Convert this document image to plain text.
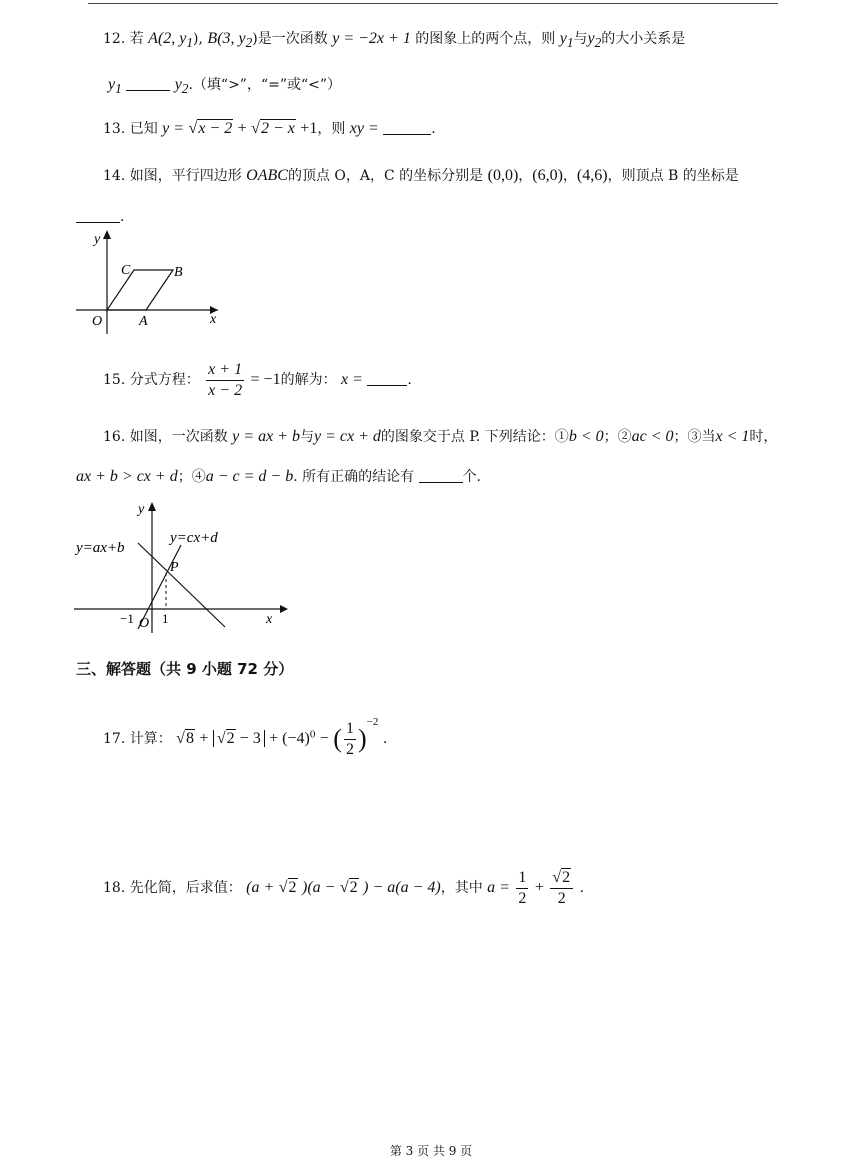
12. 若 A(2, $y_1$), B(3, $y_2$)是一次函数 y = −2x + 1 的图象上的两个点，则 $y_1$与$y_2$的大小关系是
$y_1$	$y_2$.（填“>”，“=”或“<”）
13. 已知 y = √x − 2 + √2 − x +1，则 xy =	.
14. 如图，平行四边形 OABC的顶点 O，A，C 的坐标分别是 (0,0)，(6,0)，(4,6)，则顶点 B 的坐标是
.
y
x
C	B
O	A
15. 分式方程： $\frac{x + 1}{x - 2} = -1$的解为： x =	.
16. 如图，一次函数 y = ax + b与y = cx + d的图象交于点 P. 下列结论：①b < 0；②ac < 0；③当x < 1时，
ax + b > cx + d；④a − c = d − b. 所有正确的结论有	个.
y
x
y=ax+b
y=cx+d
P
−1 O 1
三、解答题（共 9 小题 72 分）
17. 计算： $√8 + √2 - 3 + (-4)^0$ − ( $\frac{1}{2} )^{-2}$ .
18. 先化简，后求值： (a + √2 )(a − √2 ) − a(a − 4)，其中 $a = \frac{1}{2} + \frac{√2}{2}$ .
第 3 页 共 9 页
